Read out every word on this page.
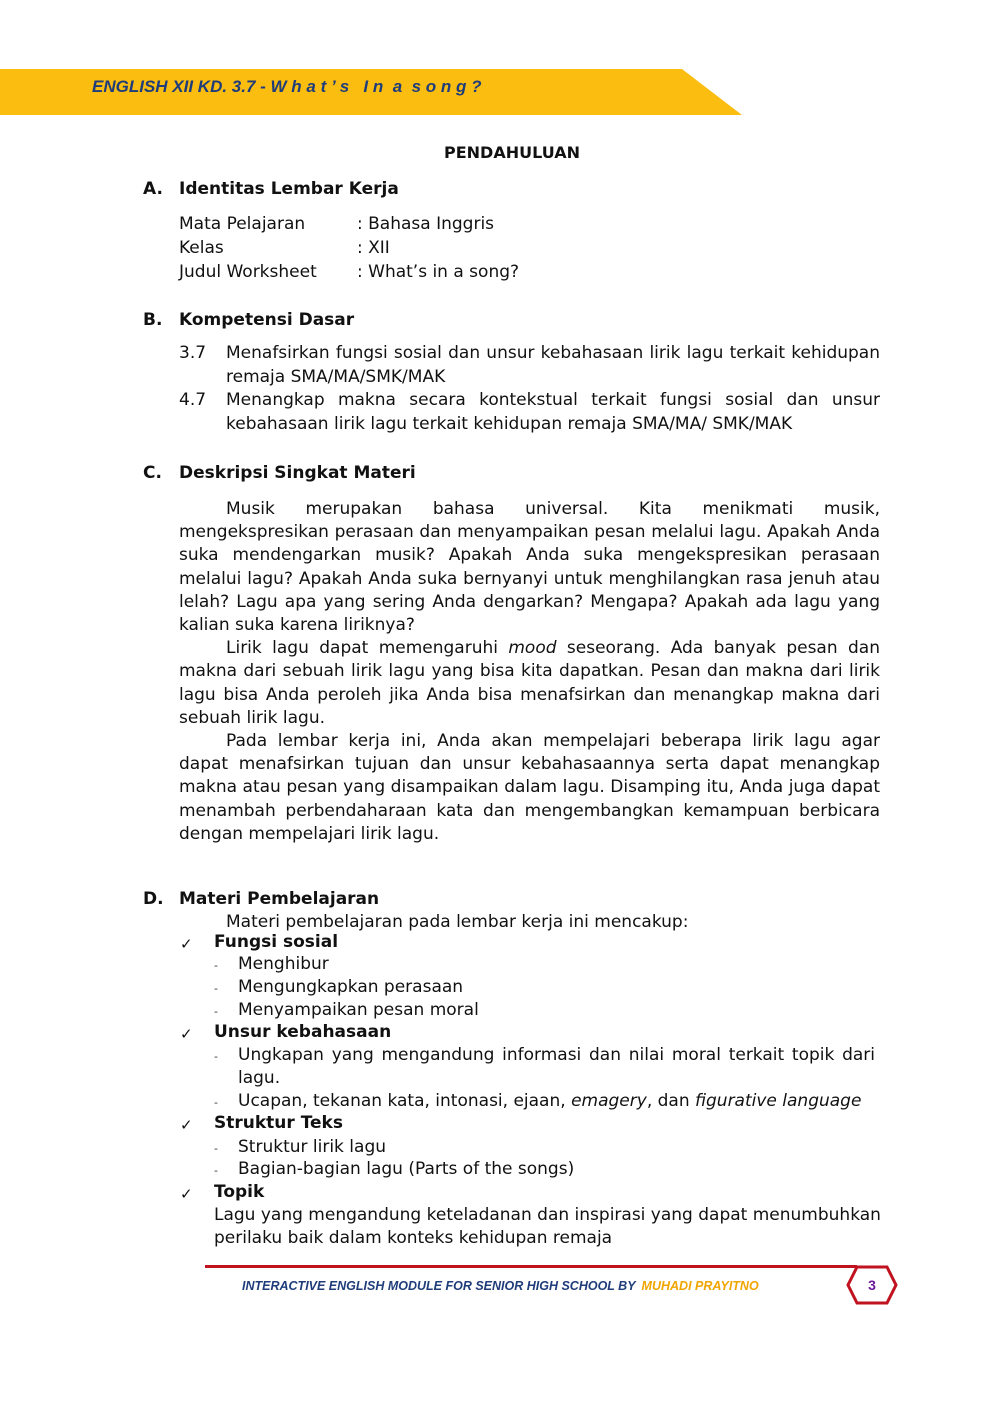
ENGLISH XII KD. 3.7 - W h a t ’ s   I n  a  s o n g ?
PENDAHULUAN
A. Identitas Lembar Kerja
Mata Pelajaran	: Bahasa Inggris
Kelas	: XII
Judul Worksheet : What’s in a song?
B. Kompetensi Dasar
3.7	Menafsirkan fungsi sosial dan unsur kebahasaan lirik lagu terkait kehidupan remaja SMA/MA/SMK/MAK
4.7	Menangkap makna secara kontekstual terkait fungsi sosial dan unsur kebahasaan lirik lagu terkait kehidupan remaja SMA/MA/ SMK/MAK
C. Deskripsi Singkat Materi

Musik merupakan bahasa universal. Kita menikmati musik, mengekspresikan perasaan dan menyampaikan pesan melalui lagu. Apakah Anda suka mendengarkan musik? Apakah Anda suka mengekspresikan perasaan melalui lagu? Apakah Anda suka bernyanyi untuk menghilangkan rasa jenuh atau lelah? Lagu apa yang sering Anda dengarkan? Mengapa? Apakah ada lagu yang kalian suka karena liriknya?

Lirik lagu dapat memengaruhi mood seseorang. Ada banyak pesan dan makna dari sebuah lirik lagu yang bisa kita dapatkan. Pesan dan makna dari lirik lagu bisa Anda peroleh jika Anda bisa menafsirkan dan menangkap makna dari sebuah lirik lagu.

Pada lembar kerja ini, Anda akan mempelajari beberapa lirik lagu agar dapat menafsirkan tujuan dan unsur kebahasaannya serta dapat menangkap makna atau pesan yang disampaikan dalam lagu. Disamping itu, Anda juga dapat menambah perbendaharaan kata dan mengembangkan kemampuan berbicara dengan mempelajari lirik lagu.

D. Materi Pembelajaran
Materi pembelajaran pada lembar kerja ini mencakup:
✓ Fungsi sosial
- Menghibur
- Mengungkapkan perasaan
- Menyampaikan pesan moral
✓ Unsur kebahasaan
- Ungkapan yang mengandung informasi dan nilai moral terkait topik dari lagu.
- Ucapan, tekanan kata, intonasi, ejaan, emagery, dan figurative language
✓ Struktur Teks
- Struktur lirik lagu
- Bagian-bagian lagu (Parts of the songs)
✓ Topik
Lagu yang mengandung keteladanan dan inspirasi yang dapat menumbuhkan perilaku baik dalam konteks kehidupan remaja
INTERACTIVE ENGLISH MODULE FOR SENIOR HIGH SCHOOL BY MUHADI PRAYITNO	3
